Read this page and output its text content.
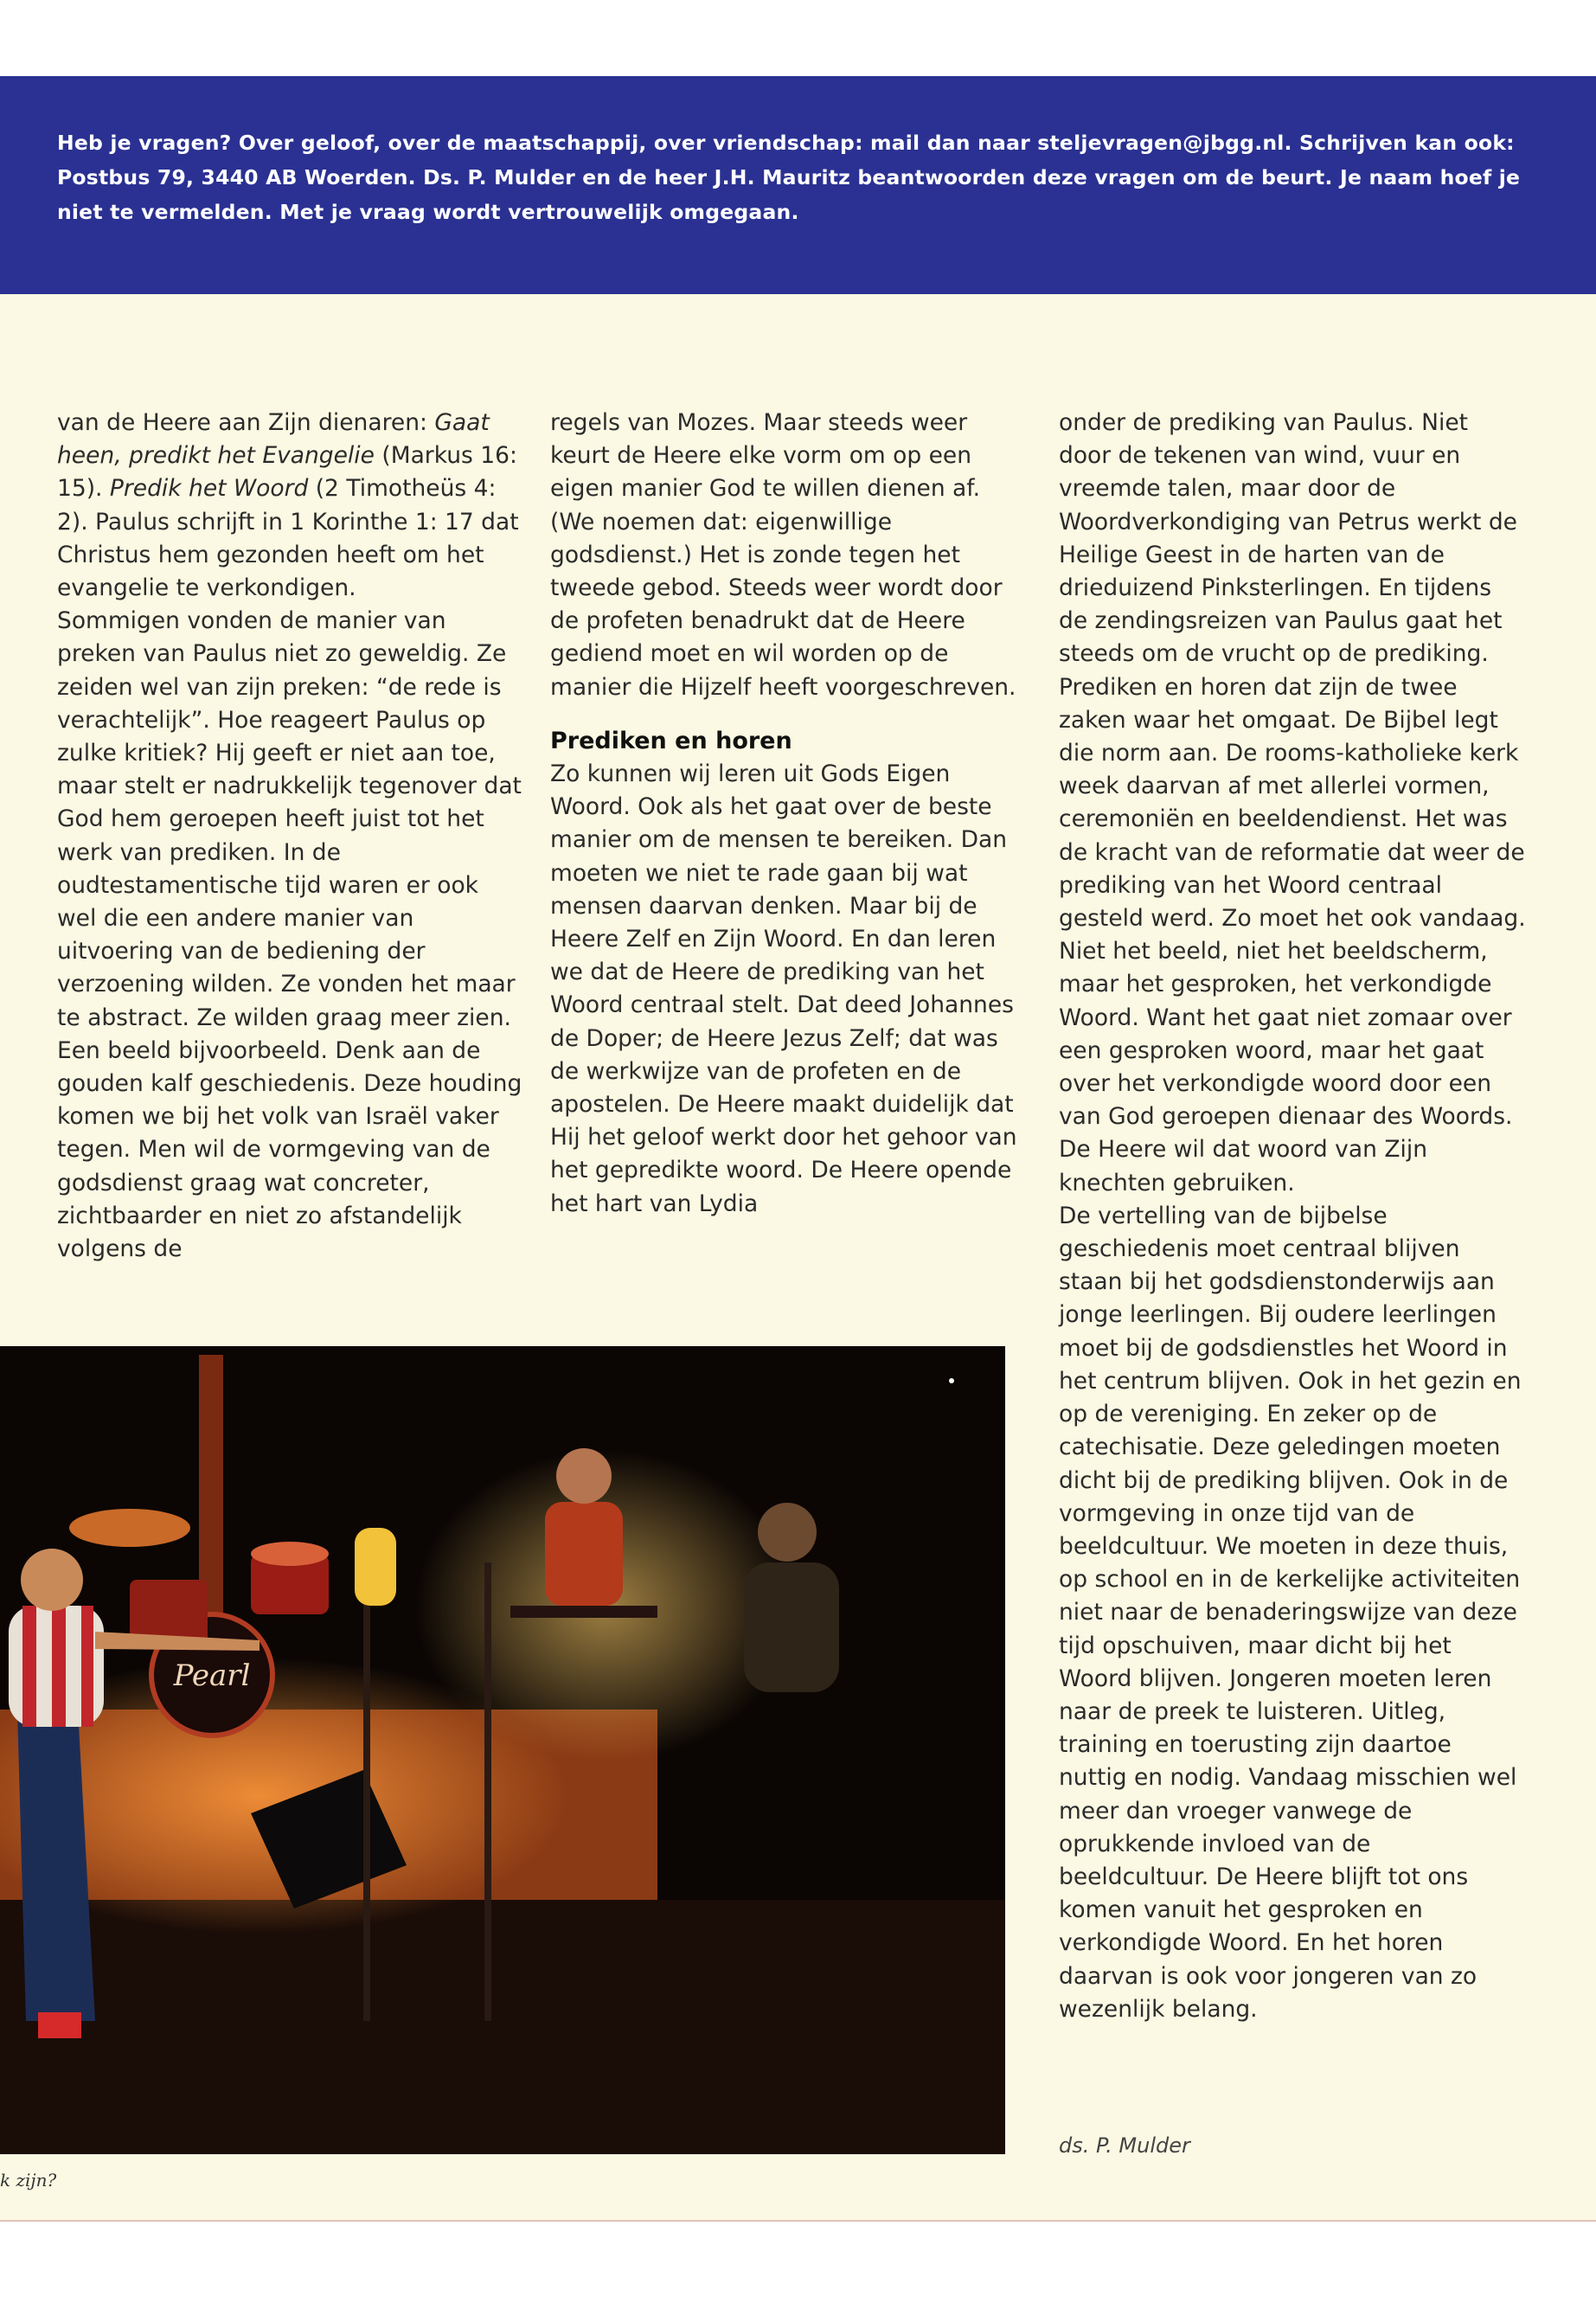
Heb je vragen? Over geloof, over de maatschappij, over vriendschap: mail dan naar steljevragen@jbgg.nl. Schrijven kan ook: Postbus 79, 3440 AB Woerden. Ds. P. Mulder en de heer J.H. Mauritz beantwoorden deze vragen om de beurt. Je naam hoef je niet te vermelden. Met je vraag wordt vertrouwelijk omgegaan.

van de Heere aan Zijn dienaren: Gaat heen, predikt het Evangelie (Markus 16: 15). Predik het Woord (2 Timotheüs 4: 2). Paulus schrijft in 1 Korinthe 1: 17 dat Christus hem gezonden heeft om het evangelie te verkondigen.

Sommigen vonden de manier van preken van Paulus niet zo geweldig. Ze zeiden wel van zijn preken: “de rede is verachtelijk”. Hoe reageert Paulus op zulke kritiek? Hij geeft er niet aan toe, maar stelt er nadrukkelijk tegenover dat God hem geroepen heeft juist tot het werk van prediken. In de oudtestamentische tijd waren er ook wel die een andere manier van uitvoering van de bediening der verzoening wilden. Ze vonden het maar te abstract. Ze wilden graag meer zien. Een beeld bijvoorbeeld. Denk aan de gouden kalf geschiedenis. Deze houding komen we bij het volk van Israël vaker tegen. Men wil de vormgeving van de godsdienst graag wat concreter, zichtbaarder en niet zo afstandelijk volgens de

regels van Mozes. Maar steeds weer keurt de Heere elke vorm om op een eigen manier God te willen dienen af. (We noemen dat: eigenwillige godsdienst.) Het is zonde tegen het tweede gebod. Steeds weer wordt door de profeten benadrukt dat de Heere gediend moet en wil worden op de manier die Hijzelf heeft voorgeschreven.

Prediken en horen

Zo kunnen wij leren uit Gods Eigen Woord. Ook als het gaat over de beste manier om de mensen te bereiken. Dan moeten we niet te rade gaan bij wat mensen daarvan denken. Maar bij de Heere Zelf en Zijn Woord. En dan leren we dat de Heere de prediking van het Woord centraal stelt. Dat deed Johannes de Doper; de Heere Jezus Zelf; dat was de werkwijze van de profeten en de apostelen. De Heere maakt duidelijk dat Hij het geloof werkt door het gehoor van het gepredikte woord. De Heere opende het hart van Lydia

onder de prediking van Paulus. Niet door de tekenen van wind, vuur en vreemde talen, maar door de Woordverkondiging van Petrus werkt de Heilige Geest in de harten van de drieduizend Pinksterlingen. En tijdens de zendingsreizen van Paulus gaat het steeds om de vrucht op de prediking.

Prediken en horen dat zijn de twee zaken waar het omgaat. De Bijbel legt die norm aan. De rooms-katholieke kerk week daarvan af met allerlei vormen, ceremoniën en beeldendienst. Het was de kracht van de reformatie dat weer de prediking van het Woord centraal gesteld werd. Zo moet het ook vandaag. Niet het beeld, niet het beeldscherm, maar het gesproken, het verkondigde Woord. Want het gaat niet zomaar over een gesproken woord, maar het gaat over het verkondigde woord door een van God geroepen dienaar des Woords. De Heere wil dat woord van Zijn knechten gebruiken.

De vertelling van de bijbelse geschiedenis moet centraal blijven staan bij het godsdienstonderwijs aan jonge leerlingen. Bij oudere leerlingen moet bij de godsdienstles het Woord in het centrum blijven. Ook in het gezin en op de vereniging. En zeker op de catechisatie. Deze geledingen moeten dicht bij de prediking blijven. Ook in de vormgeving in onze tijd van de beeldcultuur. We moeten in deze thuis, op school en in de kerkelijke activiteiten niet naar de benaderingswijze van deze tijd opschuiven, maar dicht bij het Woord blijven. Jongeren moeten leren naar de preek te luisteren. Uitleg, training en toerusting zijn daartoe nuttig en nodig. Vandaag misschien wel meer dan vroeger vanwege de oprukkende invloed van de beeldcultuur. De Heere blijft tot ons komen vanuit het gesproken en verkondigde Woord. En het horen daarvan is ook voor jongeren van zo wezenlijk belang.

Pearl

k zijn?

ds. P. Mulder
